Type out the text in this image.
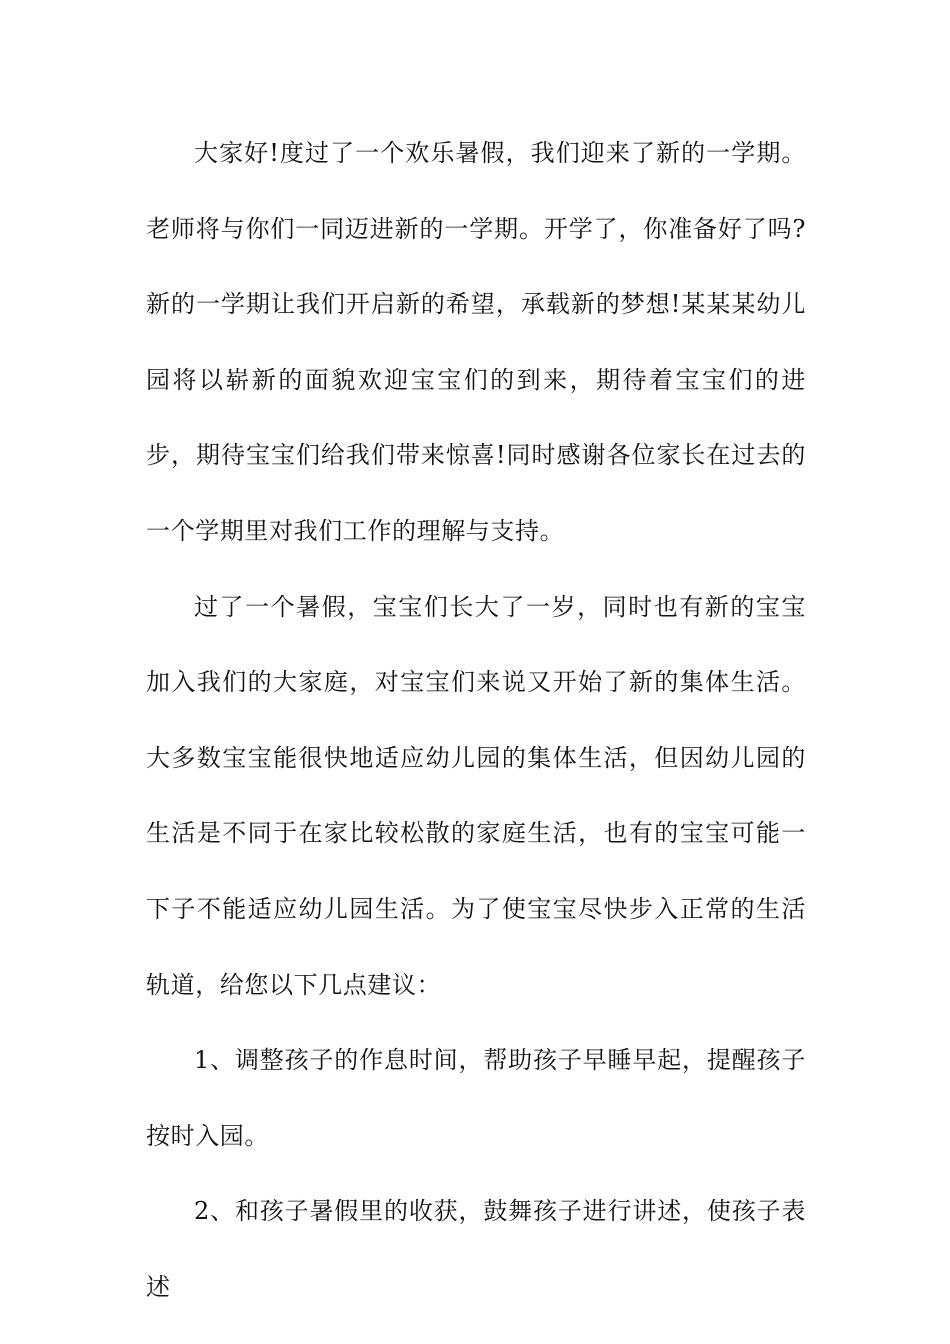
大家好!度过了一个欢乐暑假，我们迎来了新的一学期。老师将与你们一同迈进新的一学期。开学了，你准备好了吗?新的一学期让我们开启新的希望，承载新的梦想!某某某幼儿园将以崭新的面貌欢迎宝宝们的到来，期待着宝宝们的进步，期待宝宝们给我们带来惊喜!同时感谢各位家长在过去的一个学期里对我们工作的理解与支持。

过了一个暑假，宝宝们长大了一岁，同时也有新的宝宝加入我们的大家庭，对宝宝们来说又开始了新的集体生活。大多数宝宝能很快地适应幼儿园的集体生活，但因幼儿园的生活是不同于在家比较松散的家庭生活，也有的宝宝可能一下子不能适应幼儿园生活。为了使宝宝尽快步入正常的生活轨道，给您以下几点建议：

1、调整孩子的作息时间，帮助孩子早睡早起，提醒孩子按时入园。

2、和孩子暑假里的收获，鼓舞孩子进行讲述，使孩子表述
